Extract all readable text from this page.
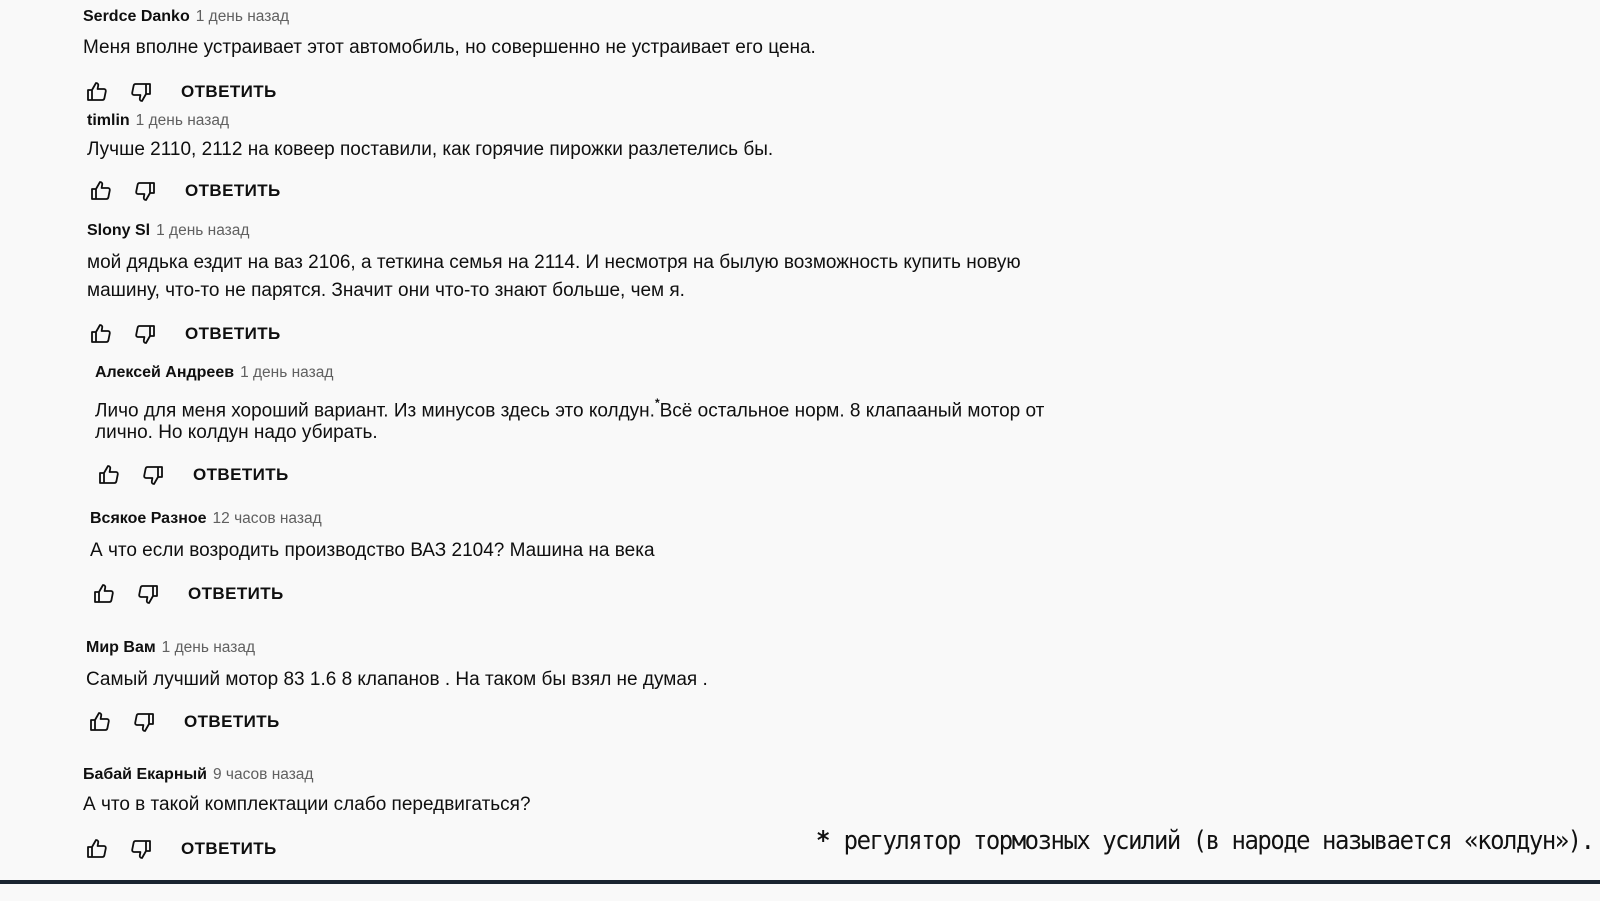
Serdce Danko 1 день назад
Меня вполне устраивает этот автомобиль, но совершенно не устраивает его цена.
ОТВЕТИТЬ
timlin 1 день назад
Лучше 2110, 2112 на ковеер поставили, как горячие пирожки разлетелись бы.
ОТВЕТИТЬ
Slony Sl 1 день назад
мой дядька ездит на ваз 2106, а теткина семья на 2114. И несмотря на былую возможность купить новую
машину, что-то не парятся. Значит они что-то знают больше, чем я.
ОТВЕТИТЬ
Алексей Андреев 1 день назад
Личо для меня хороший вариант. Из минусов здесь это колдун.*Всё остальное норм. 8 клапааный мотор от
лично. Но колдун надо убирать.
ОТВЕТИТЬ
Всякое Разное 12 часов назад
А что если возродить производство ВАЗ 2104? Машина на века
ОТВЕТИТЬ
Мир Вам 1 день назад
Самый лучший мотор 83 1.6 8 клапанов . На таком бы взял не думая .
ОТВЕТИТЬ
Бабай Екарный 9 часов назад
А что в такой комплектации слабо передвигаться?
ОТВЕТИТЬ	* регулятор тормозных усилий (в народе называется «колдун»).
